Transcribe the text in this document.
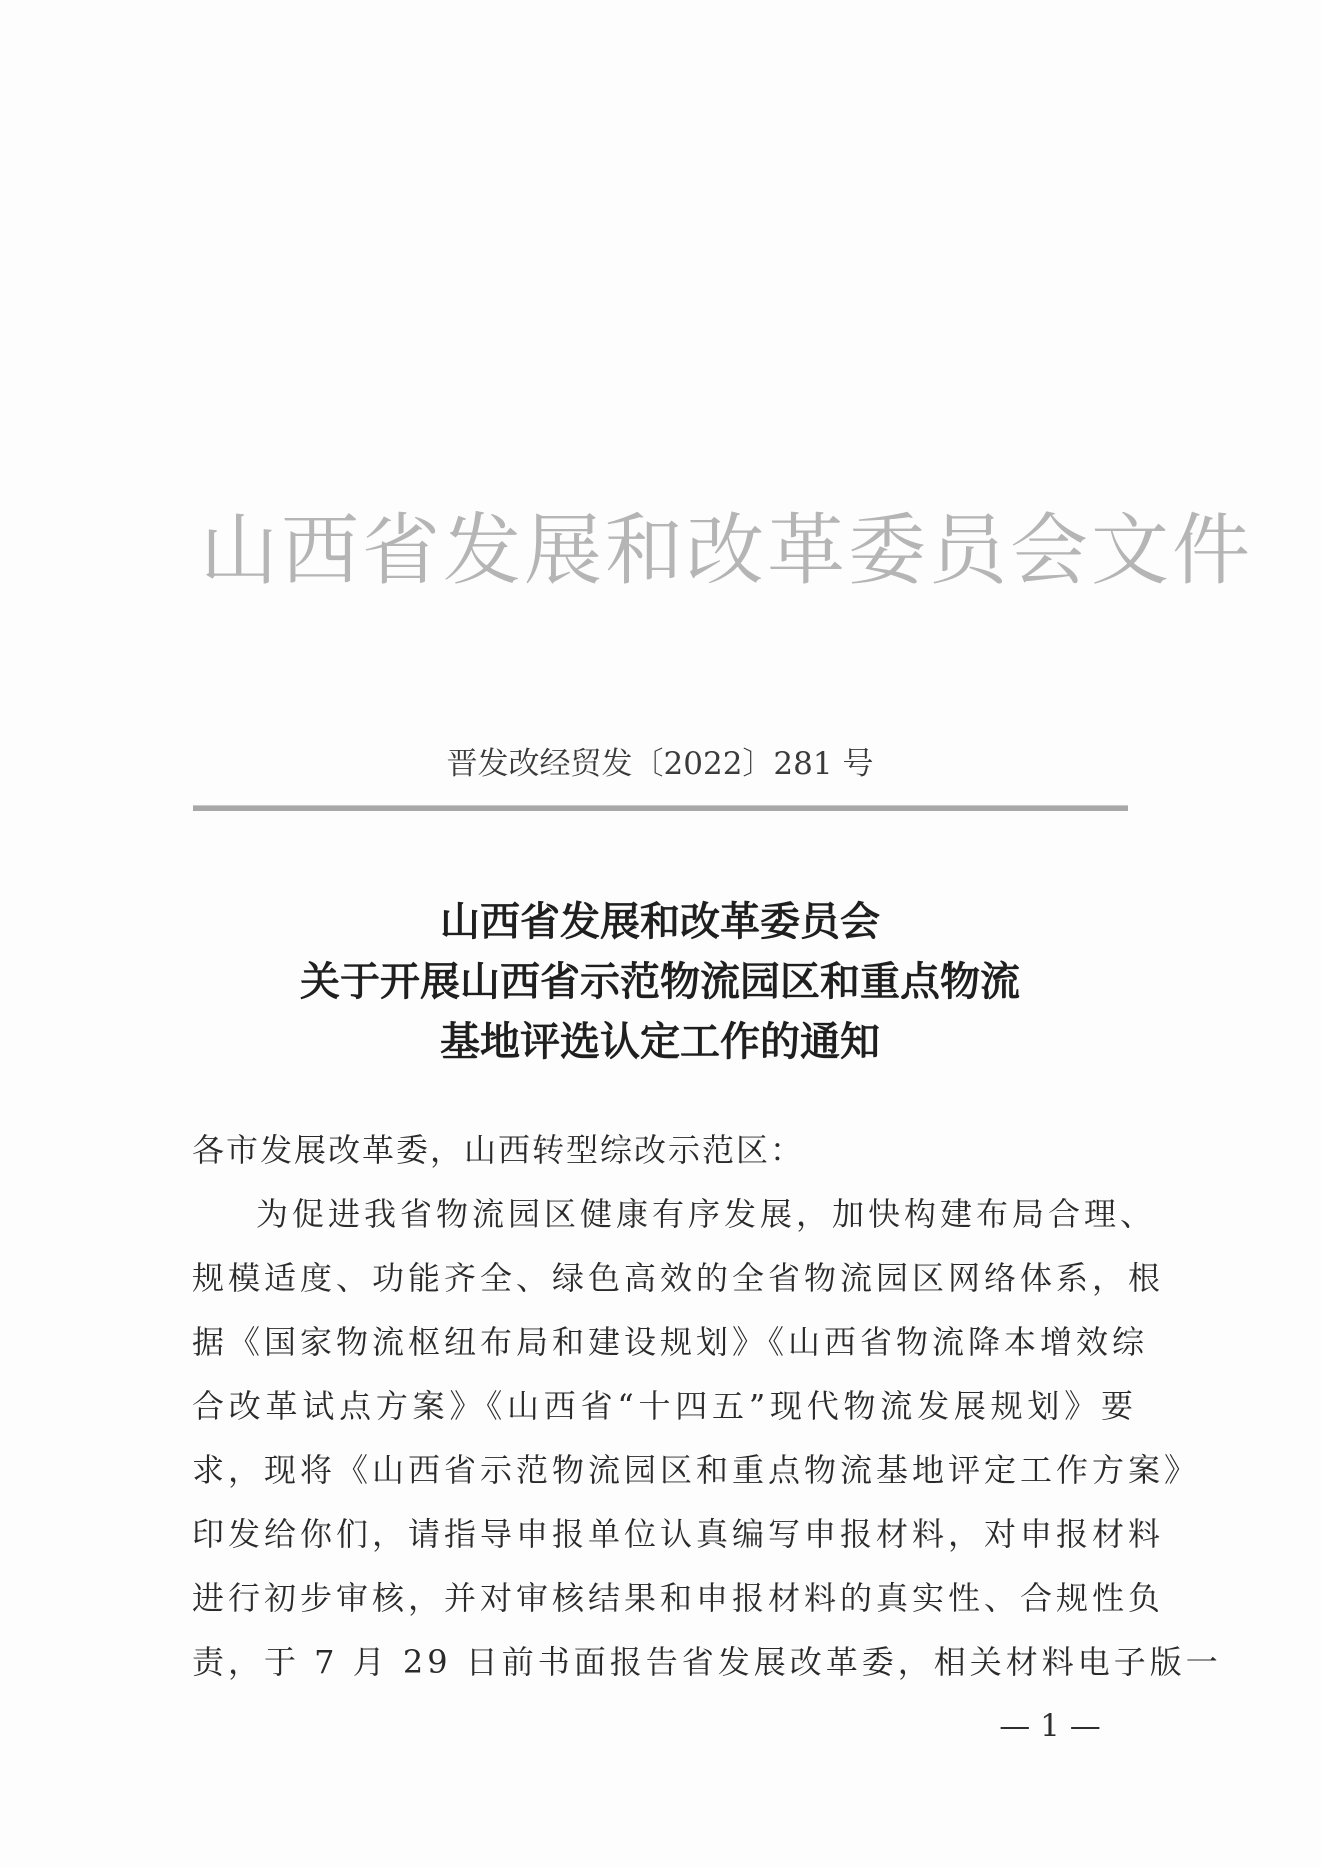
山西省发展和改革委员会文件
晋发改经贸发〔2022〕281 号
山西省发展和改革委员会
关于开展山西省示范物流园区和重点物流
基地评选认定工作的通知
各市发展改革委，山西转型综改示范区：
为促进我省物流园区健康有序发展，加快构建布局合理、
规模适度、功能齐全、绿色高效的全省物流园区网络体系，根
据《国家物流枢纽布局和建设规划》《山西省物流降本增效综
合改革试点方案》《山西省“十四五”现代物流发展规划》要
求，现将《山西省示范物流园区和重点物流基地评定工作方案》
印发给你们，请指导申报单位认真编写申报材料，对申报材料
进行初步审核，并对审核结果和申报材料的真实性、合规性负
责，于 7 月 29 日前书面报告省发展改革委，相关材料电子版一
— 1 —
